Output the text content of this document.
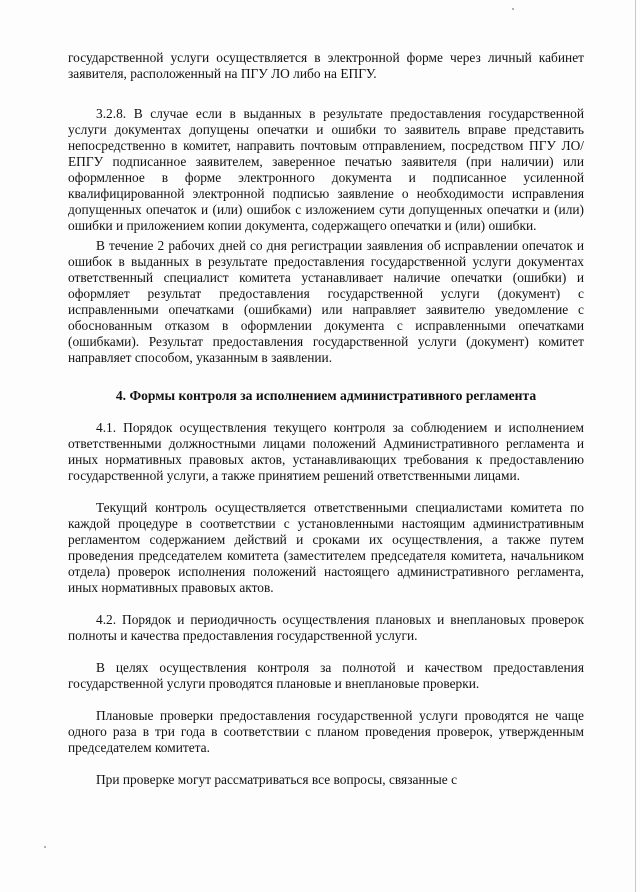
государственной услуги осуществляется в электронной форме через личный кабинет заявителя, расположенный на ПГУ ЛО либо на ЕПГУ.

3.2.8. В случае если в выданных в результате предоставления государственной услуги документах допущены опечатки и ошибки то заявитель вправе представить непосредственно в комитет, направить почтовым отправлением, посредством ПГУ ЛО/ЕПГУ подписанное заявителем, заверенное печатью заявителя (при наличии) или оформленное в форме электронного документа и подписанное усиленной квалифицированной электронной подписью заявление о необходимости исправления допущенных опечаток и (или) ошибок с изложением сути допущенных опечатки и (или) ошибки и приложением копии документа, содержащего опечатки и (или) ошибки.

В течение 2 рабочих дней со дня регистрации заявления об исправлении опечаток и ошибок в выданных в результате предоставления государственной услуги документах ответственный специалист комитета устанавливает наличие опечатки (ошибки) и оформляет результат предоставления государственной услуги (документ) с исправленными опечатками (ошибками) или направляет заявителю уведомление с обоснованным отказом в оформлении документа с исправленными опечатками (ошибками). Результат предоставления государственной услуги (документ) комитет направляет способом, указанным в заявлении.

4. Формы контроля за исполнением административного регламента

4.1. Порядок осуществления текущего контроля за соблюдением и исполнением ответственными должностными лицами положений Административного регламента и иных нормативных правовых актов, устанавливающих требования к предоставлению государственной услуги, а также принятием решений ответственными лицами.

Текущий контроль осуществляется ответственными специалистами комитета по каждой процедуре в соответствии с установленными настоящим административным регламентом содержанием действий и сроками их осуществления, а также путем проведения председателем комитета (заместителем председателя комитета, начальником отдела) проверок исполнения положений настоящего административного регламента, иных нормативных правовых актов.

4.2. Порядок и периодичность осуществления плановых и внеплановых проверок полноты и качества предоставления государственной услуги.

В целях осуществления контроля за полнотой и качеством предоставления государственной услуги проводятся плановые и внеплановые проверки.

Плановые проверки предоставления государственной услуги проводятся не чаще одного раза в три года в соответствии с планом проведения проверок, утвержденным председателем комитета.

При проверке могут рассматриваться все вопросы, связанные с
